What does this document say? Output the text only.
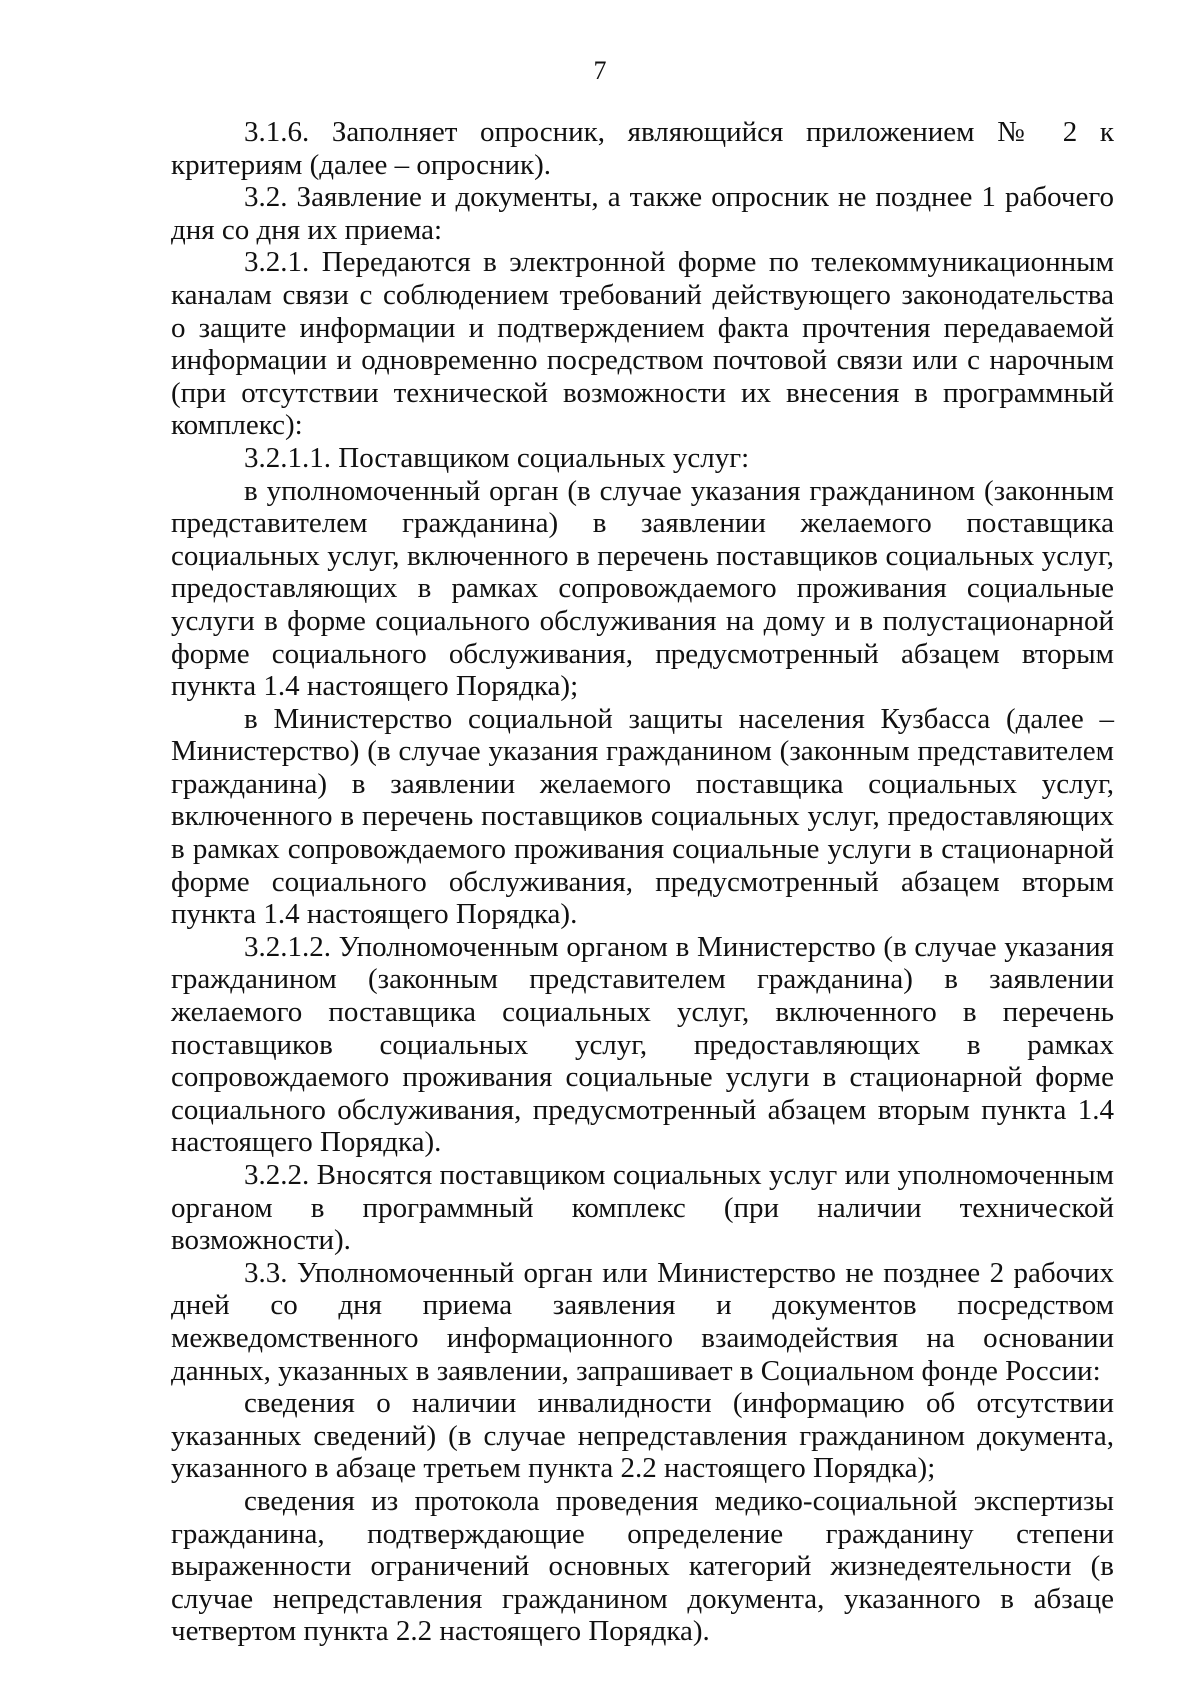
7

3.1.6. Заполняет опросник, являющийся приложением № 2 к критериям (далее – опросник).

3.2. Заявление и документы, а также опросник не позднее 1 рабочего дня со дня их приема:

3.2.1. Передаются в электронной форме по телекоммуникационным каналам связи с соблюдением требований действующего законодательства о защите информации и подтверждением факта прочтения передаваемой информации и одновременно посредством почтовой связи или с нарочным (при отсутствии технической возможности их внесения в программный комплекс):

3.2.1.1. Поставщиком социальных услуг:

в уполномоченный орган (в случае указания гражданином (законным представителем гражданина) в заявлении желаемого поставщика социальных услуг, включенного в перечень поставщиков социальных услуг, предоставляющих в рамках сопровождаемого проживания социальные услуги в форме социального обслуживания на дому и в полустационарной форме социального обслуживания, предусмотренный абзацем вторым пункта 1.4 настоящего Порядка);

в Министерство социальной защиты населения Кузбасса (далее – Министерство) (в случае указания гражданином (законным представителем гражданина) в заявлении желаемого поставщика социальных услуг, включенного в перечень поставщиков социальных услуг, предоставляющих в рамках сопровождаемого проживания социальные услуги в стационарной форме социального обслуживания, предусмотренный абзацем вторым пункта 1.4 настоящего Порядка).

3.2.1.2. Уполномоченным органом в Министерство (в случае указания гражданином (законным представителем гражданина) в заявлении желаемого поставщика социальных услуг, включенного в перечень поставщиков социальных услуг, предоставляющих в рамках сопровождаемого проживания социальные услуги в стационарной форме социального обслуживания, предусмотренный абзацем вторым пункта 1.4 настоящего Порядка).

3.2.2. Вносятся поставщиком социальных услуг или уполномоченным органом в программный комплекс (при наличии технической возможности).

3.3. Уполномоченный орган или Министерство не позднее 2 рабочих дней со дня приема заявления и документов посредством межведомственного информационного взаимодействия на основании данных, указанных в заявлении, запрашивает в Социальном фонде России:

сведения о наличии инвалидности (информацию об отсутствии указанных сведений) (в случае непредставления гражданином документа, указанного в абзаце третьем пункта 2.2 настоящего Порядка);

сведения из протокола проведения медико-социальной экспертизы гражданина, подтверждающие определение гражданину степени выраженности ограничений основных категорий жизнедеятельности (в случае непредставления гражданином документа, указанного в абзаце четвертом пункта 2.2 настоящего Порядка).
